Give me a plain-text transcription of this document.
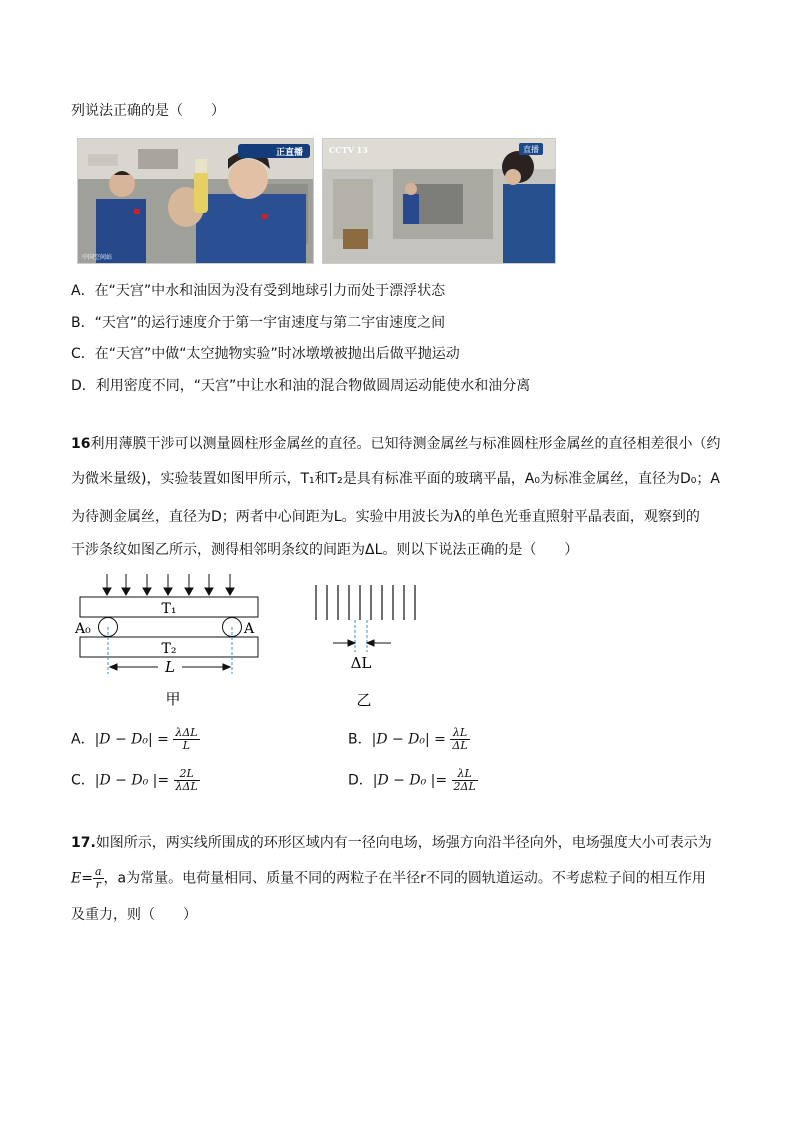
列说法正确的是（　　）
正直播
中国空间站
CCTV 13	直播
A．在“天宫”中水和油因为没有受到地球引力而处于漂浮状态
B．“天宫”的运行速度介于第一宇宙速度与第二宇宙速度之间
C．在“天宫”中做“太空抛物实验”时冰墩墩被抛出后做平抛运动
D．利用密度不同，“天宫”中让水和油的混合物做圆周运动能使水和油分离
16利用薄膜干涉可以测量圆柱形金属丝的直径。已知待测金属丝与标准圆柱形金属丝的直径相差很小（约
为微米量级)，实验装置如图甲所示，T₁和T₂是具有标准平面的玻璃平晶，A₀为标准金属丝，直径为D₀；A
为待测金属丝，直径为D；两者中心间距为L。实验中用波长为λ的单色光垂直照射平晶表面，观察到的
干涉条纹如图乙所示，测得相邻明条纹的间距为ΔL。则以下说法正确的是（　　）
T₁
T₂
A₀	A
L
甲
ΔL
乙
A．$|D - D_0| = \frac{\text{λΔL}}{L}$	B．$|D - D_0| = \frac{\lambda L}{\Delta L}$
C．|D − D₀ |= $\frac{2L}{\text{λΔL}}$	D．|D − D₀ |= $\frac{\lambda L}{2\Delta L}$
17.如图所示，两实线所围成的环形区域内有一径向电场，场强方向沿半径向外，电场强度大小可表示为
$E= \frac{a}{r}$ ，a为常量。电荷量相同、质量不同的两粒子在半径r不同的圆轨道运动。不考虑粒子间的相互作用
及重力，则（　　）
